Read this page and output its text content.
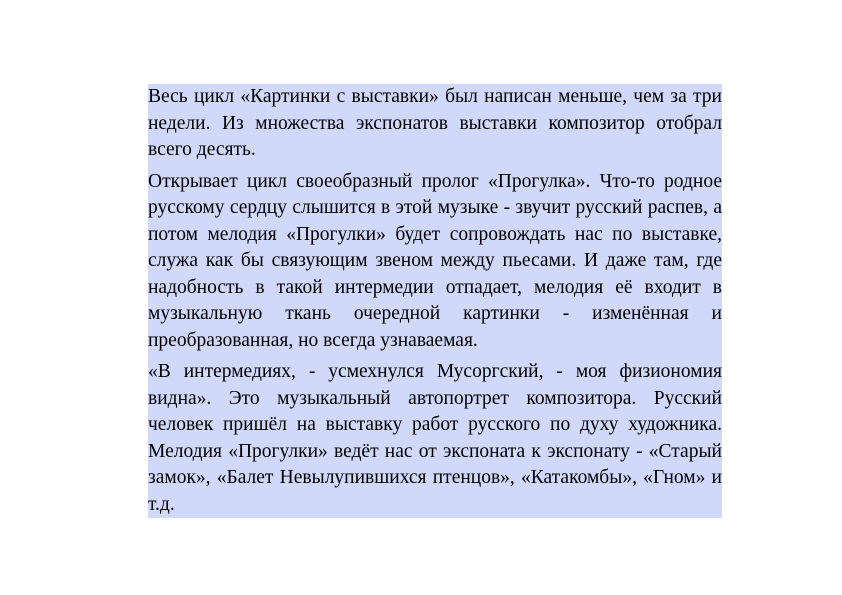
Весь цикл «Картинки с выставки» был написан меньше, чем за три недели. Из множества экспонатов выставки композитор отобрал всего десять.

Открывает цикл своеобразный пролог «Прогулка». Что-то родное русскому сердцу слышится в этой музыке - звучит русский распев, а потом мелодия «Прогулки» будет сопровождать нас по выставке, служа как бы связующим звеном между пьесами. И даже там, где надобность в такой интермедии отпадает, мелодия её входит в музыкальную ткань очередной картинки - изменённая и преобразованная, но всегда узнаваемая.

«В интермедиях, - усмехнулся Мусоргский, - моя физиономия видна». Это музыкальный автопортрет композитора. Русский человек пришёл на выставку работ русского по духу художника. Мелодия «Прогулки» ведёт нас от экспоната к экспонату - «Старый замок», «Балет Невылупившихся птенцов», «Катакомбы», «Гном» и т.д.
